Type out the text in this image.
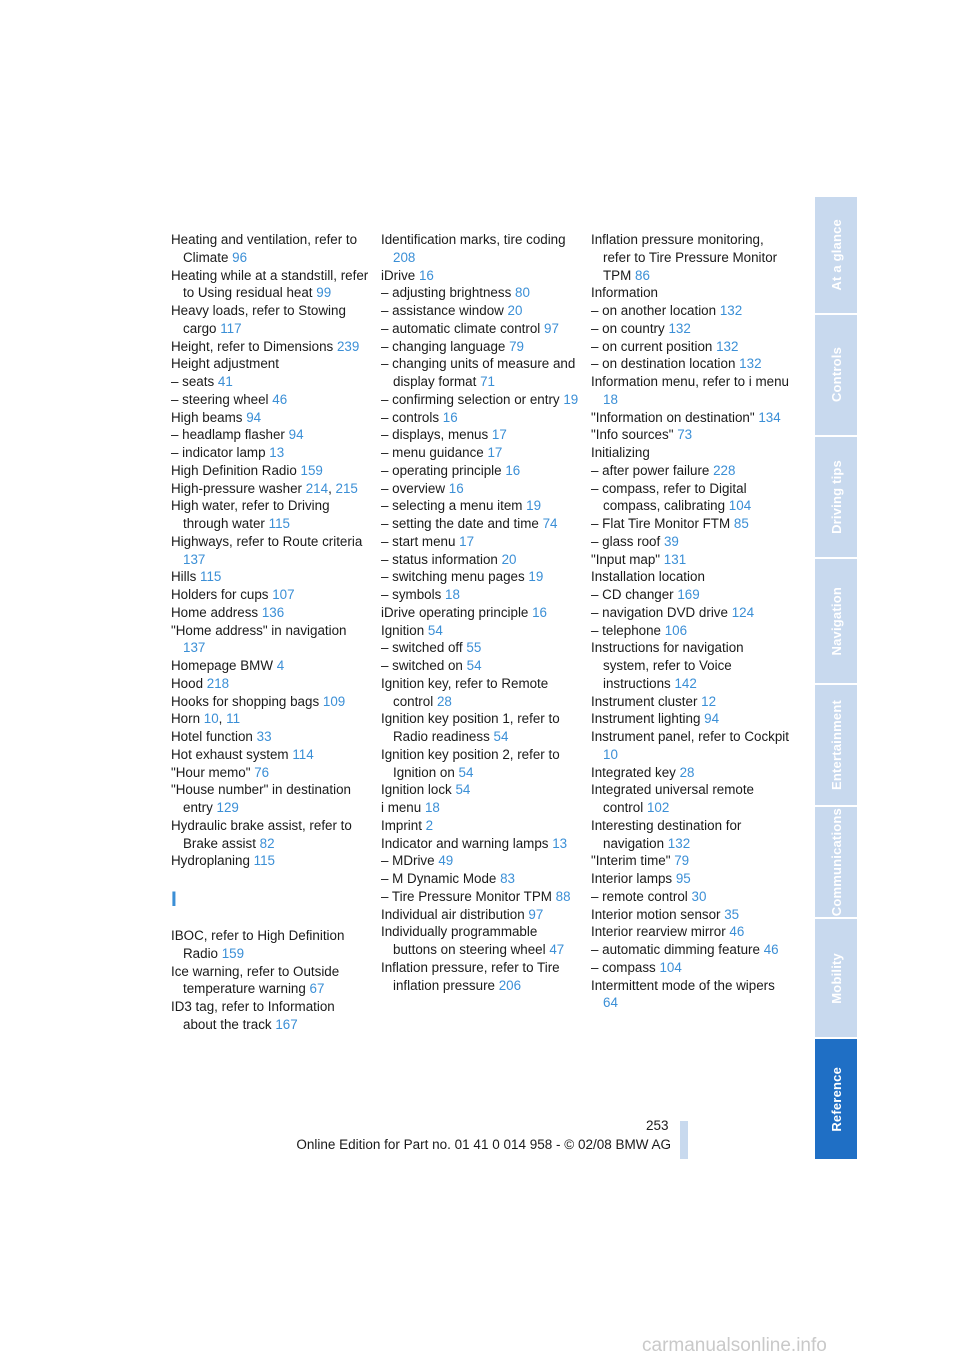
Heating and ventilation, refer to Climate 96
Heating while at a standstill, refer to Using residual heat 99
Heavy loads, refer to Stowing cargo 117
Height, refer to Dimensions 239
Height adjustment
– seats 41
– steering wheel 46
High beams 94
– headlamp flasher 94
– indicator lamp 13
High Definition Radio 159
High-pressure washer 214, 215
High water, refer to Driving through water 115
Highways, refer to Route criteria 137
Hills 115
Holders for cups 107
Home address 136
"Home address" in navigation 137
Homepage BMW 4
Hood 218
Hooks for shopping bags 109
Horn 10, 11
Hotel function 33
Hot exhaust system 114
"Hour memo" 76
"House number" in destination entry 129
Hydraulic brake assist, refer to Brake assist 82
Hydroplaning 115
I
IBOC, refer to High Definition Radio 159
Ice warning, refer to Outside temperature warning 67
ID3 tag, refer to Information about the track 167
Identification marks, tire coding 208
iDrive 16
– adjusting brightness 80
– assistance window 20
– automatic climate control 97
– changing language 79
– changing units of measure and display format 71
– confirming selection or entry 19
– controls 16
– displays, menus 17
– menu guidance 17
– operating principle 16
– overview 16
– selecting a menu item 19
– setting the date and time 74
– start menu 17
– status information 20
– switching menu pages 19
– symbols 18
iDrive operating principle 16
Ignition 54
– switched off 55
– switched on 54
Ignition key, refer to Remote control 28
Ignition key position 1, refer to Radio readiness 54
Ignition key position 2, refer to Ignition on 54
Ignition lock 54
i menu 18
Imprint 2
Indicator and warning lamps 13
– MDrive 49
– M Dynamic Mode 83
– Tire Pressure Monitor TPM 88
Individual air distribution 97
Individually programmable buttons on steering wheel 47
Inflation pressure, refer to Tire inflation pressure 206
Inflation pressure monitoring, refer to Tire Pressure Monitor TPM 86
Information
– on another location 132
– on country 132
– on current position 132
– on destination location 132
Information menu, refer to i menu 18
"Information on destination" 134
"Info sources" 73
Initializing
– after power failure 228
– compass, refer to Digital compass, calibrating 104
– Flat Tire Monitor FTM 85
– glass roof 39
"Input map" 131
Installation location
– CD changer 169
– navigation DVD drive 124
– telephone 106
Instructions for navigation system, refer to Voice instructions 142
Instrument cluster 12
Instrument lighting 94
Instrument panel, refer to Cockpit 10
Integrated key 28
Integrated universal remote control 102
Interesting destination for navigation 132
"Interim time" 79
Interior lamps 95
– remote control 30
Interior motion sensor 35
Interior rearview mirror 46
– automatic dimming feature 46
– compass 104
Intermittent mode of the wipers 64
At a glance
Controls
Driving tips
Navigation
Entertainment
Communications
Mobility
Reference
253
Online Edition for Part no. 01 41 0 014 958 - © 02/08 BMW AG
carmanualsonline.info
